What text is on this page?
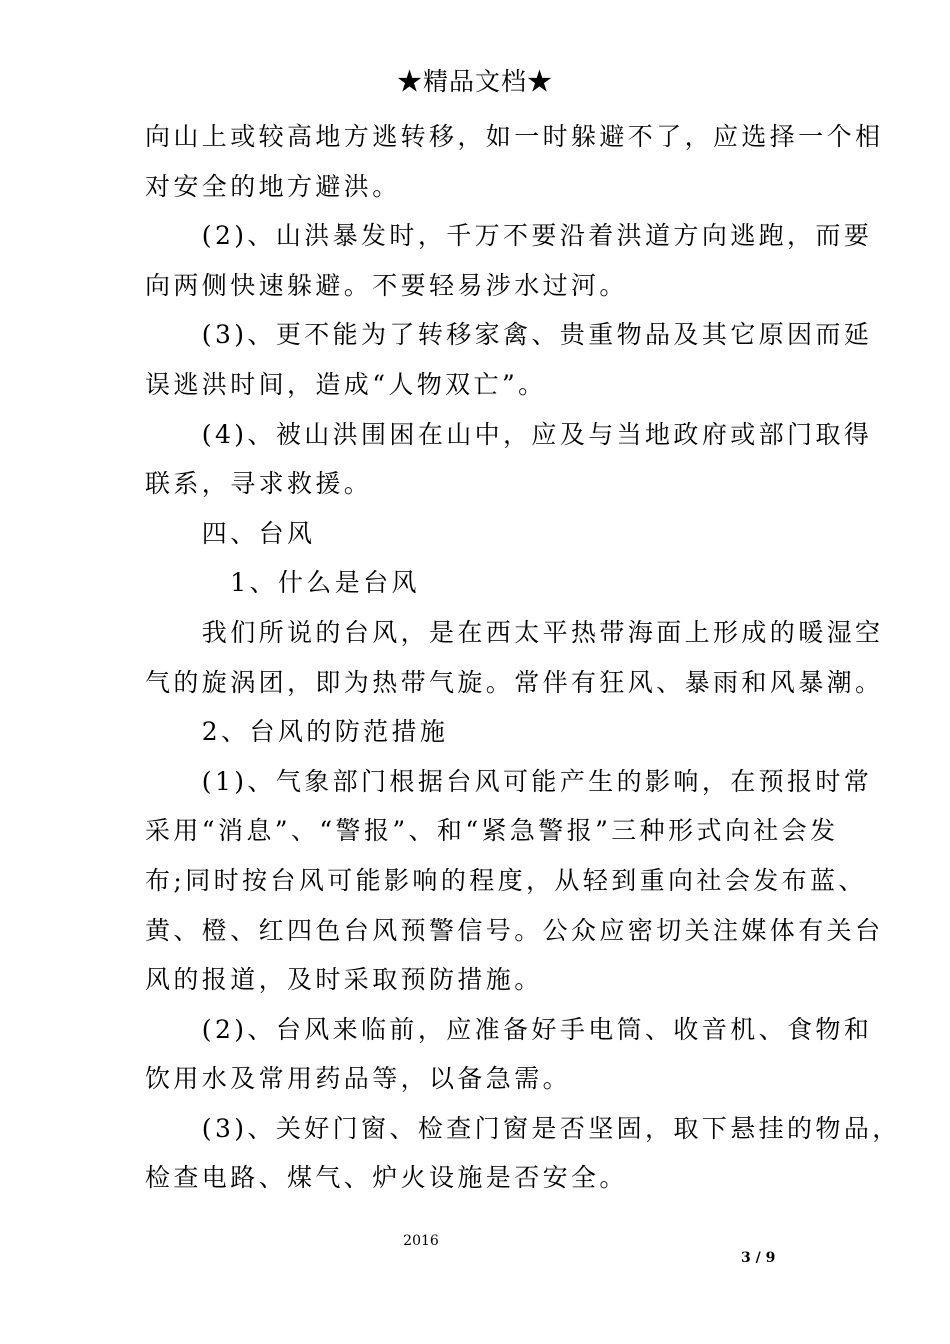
★精品文档★

向山上或较高地方逃转移，如一时躲避不了，应选择一个相

对安全的地方避洪。

　　(2)、山洪暴发时，千万不要沿着洪道方向逃跑，而要

向两侧快速躲避。不要轻易涉水过河。

　　(3)、更不能为了转移家禽、贵重物品及其它原因而延

误逃洪时间，造成“人物双亡”。

　　(4)、被山洪围困在山中，应及与当地政府或部门取得

联系，寻求救援。

　　四、台风

　　　1、什么是台风

　　我们所说的台风，是在西太平热带海面上形成的暖湿空

气的旋涡团，即为热带气旋。常伴有狂风、暴雨和风暴潮。

　　2、台风的防范措施

　　(1)、气象部门根据台风可能产生的影响，在预报时常

采用“消息”、“警报”、和“紧急警报”三种形式向社会发

布;同时按台风可能影响的程度，从轻到重向社会发布蓝、

黄、橙、红四色台风预警信号。公众应密切关注媒体有关台

风的报道，及时采取预防措施。

　　(2)、台风来临前，应准备好手电筒、收音机、食物和

饮用水及常用药品等，以备急需。

　　(3)、关好门窗、检查门窗是否坚固，取下悬挂的物品，

检查电路、煤气、炉火设施是否安全。

2016
3 / 9
